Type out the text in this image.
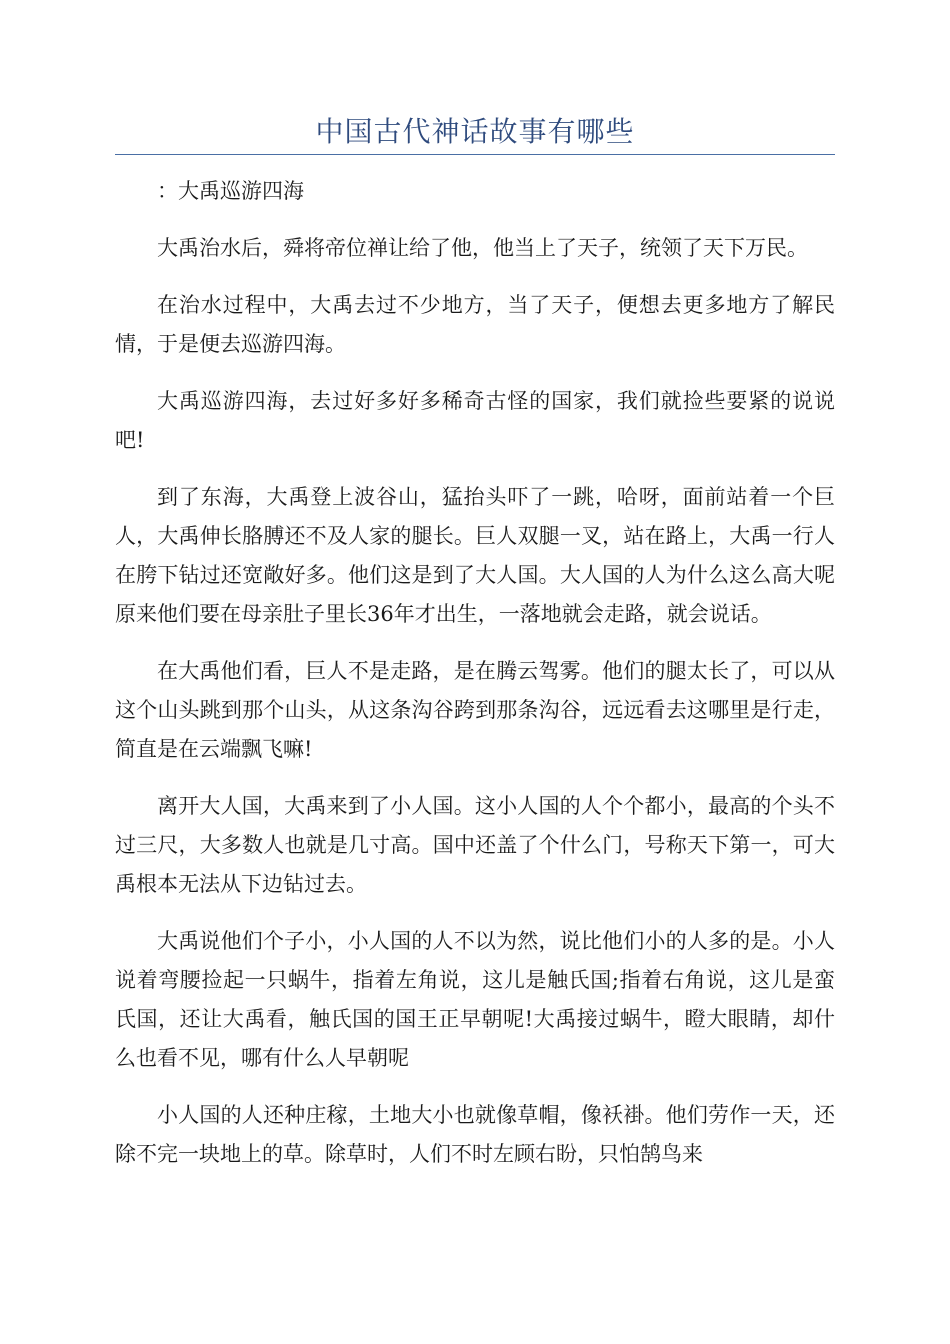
中国古代神话故事有哪些

：大禹巡游四海

大禹治水后，舜将帝位禅让给了他，他当上了天子，统领了天下万民。

在治水过程中，大禹去过不少地方，当了天子，便想去更多地方了解民情，于是便去巡游四海。

大禹巡游四海，去过好多好多稀奇古怪的国家，我们就捡些要紧的说说吧!

到了东海，大禹登上波谷山，猛抬头吓了一跳，哈呀，面前站着一个巨人，大禹伸长胳膊还不及人家的腿长。巨人双腿一叉，站在路上，大禹一行人在胯下钻过还宽敞好多。他们这是到了大人国。大人国的人为什么这么高大呢原来他们要在母亲肚子里长36年才出生，一落地就会走路，就会说话。

在大禹他们看，巨人不是走路，是在腾云驾雾。他们的腿太长了，可以从这个山头跳到那个山头，从这条沟谷跨到那条沟谷，远远看去这哪里是行走，简直是在云端飘飞嘛!

离开大人国，大禹来到了小人国。这小人国的人个个都小，最高的个头不过三尺，大多数人也就是几寸高。国中还盖了个什么门，号称天下第一，可大禹根本无法从下边钻过去。

大禹说他们个子小，小人国的人不以为然，说比他们小的人多的是。小人说着弯腰捡起一只蜗牛，指着左角说，这儿是触氏国;指着右角说，这儿是蛮氏国，还让大禹看，触氏国的国王正早朝呢!大禹接过蜗牛，瞪大眼睛，却什么也看不见，哪有什么人早朝呢

小人国的人还种庄稼，土地大小也就像草帽，像袄褂。他们劳作一天，还除不完一块地上的草。除草时，人们不时左顾右盼，只怕鹄鸟来
